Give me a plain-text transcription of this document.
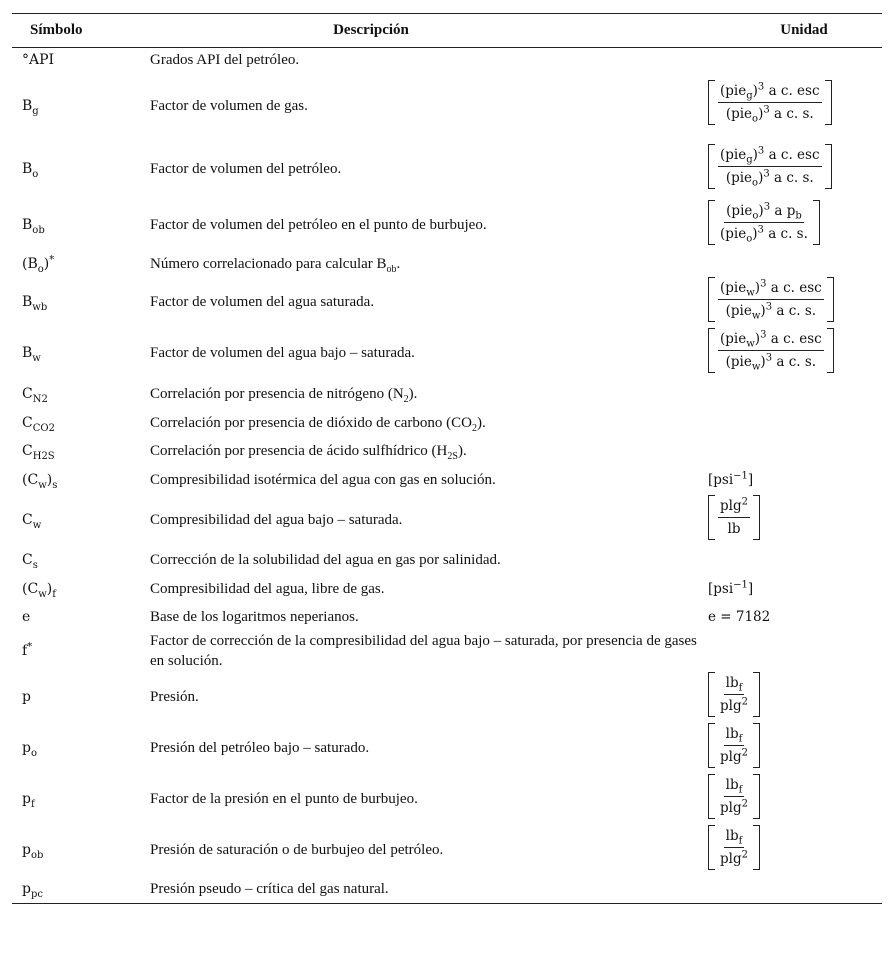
Símbolo	Descripción	Unidad
°API	Grados API del petróleo.	

$B_g$	Factor de volumen de gas.	$\frac{(pie_g)^3 a c. esc}{(pie_o)^3 a c. s.}$

$B_o$	Factor de volumen del petróleo.	$\frac{(pie_g)^3 a c. esc}{(pie_o)^3 a c. s.}$

$B_{ob}$	Factor de volumen del petróleo en el punto de burbujeo.	$\frac{(pie_o)^3 a p_b}{(pie_o)^3 a c. s.}$

$(B_o)^*$	Número correlacionado para calcular $B_{ob}$.	

$B_{wb}$	Factor de volumen del agua saturada.	$\frac{(pie_w)^3 a c. esc}{(pie_w)^3 a c. s.}$

$B_w$	Factor de volumen del agua bajo – saturada.	$\frac{(pie_w)^3 a c. esc}{(pie_w)^3 a c. s.}$

$C_{N2}$	Correlación por presencia de nitrógeno $(N_2)$.	

$C_{CO2}$	Correlación por presencia de dióxido de carbono $(CO_2)$.	

$C_{H2S}$	Correlación por presencia de ácido sulfhídrico $(H_{2S})$.	

$(C_w)_s$	Compresibilidad isotérmica del agua con gas en solución.	[psi$^{-1}$]
$C_w$	Compresibilidad del agua bajo – saturada.	$\frac{plg^2}{lb}$

$C_s$	Corrección de la solubilidad del agua en gas por salinidad.	

$(C_w)_f$	Compresibilidad del agua, libre de gas.	[psi$^{-1}$]
e	Base de los logaritmos neperianos.	e = 7182
f*	Factor de corrección de la compresibilidad del agua bajo – saturada, por presencia de gases en solución.	

p	Presión.	$\frac{lb_f}{plg^2}$

$p_o$	Presión del petróleo bajo – saturado.	$\frac{lb_f}{plg^2}$

$p_f$	Factor de la presión en el punto de burbujeo.	$\frac{lb_f}{plg^2}$

$p_{ob}$	Presión de saturación o de burbujeo del petróleo.	$\frac{lb_f}{plg^2}$

$p_{pc}$	Presión pseudo – crítica del gas natural.	
